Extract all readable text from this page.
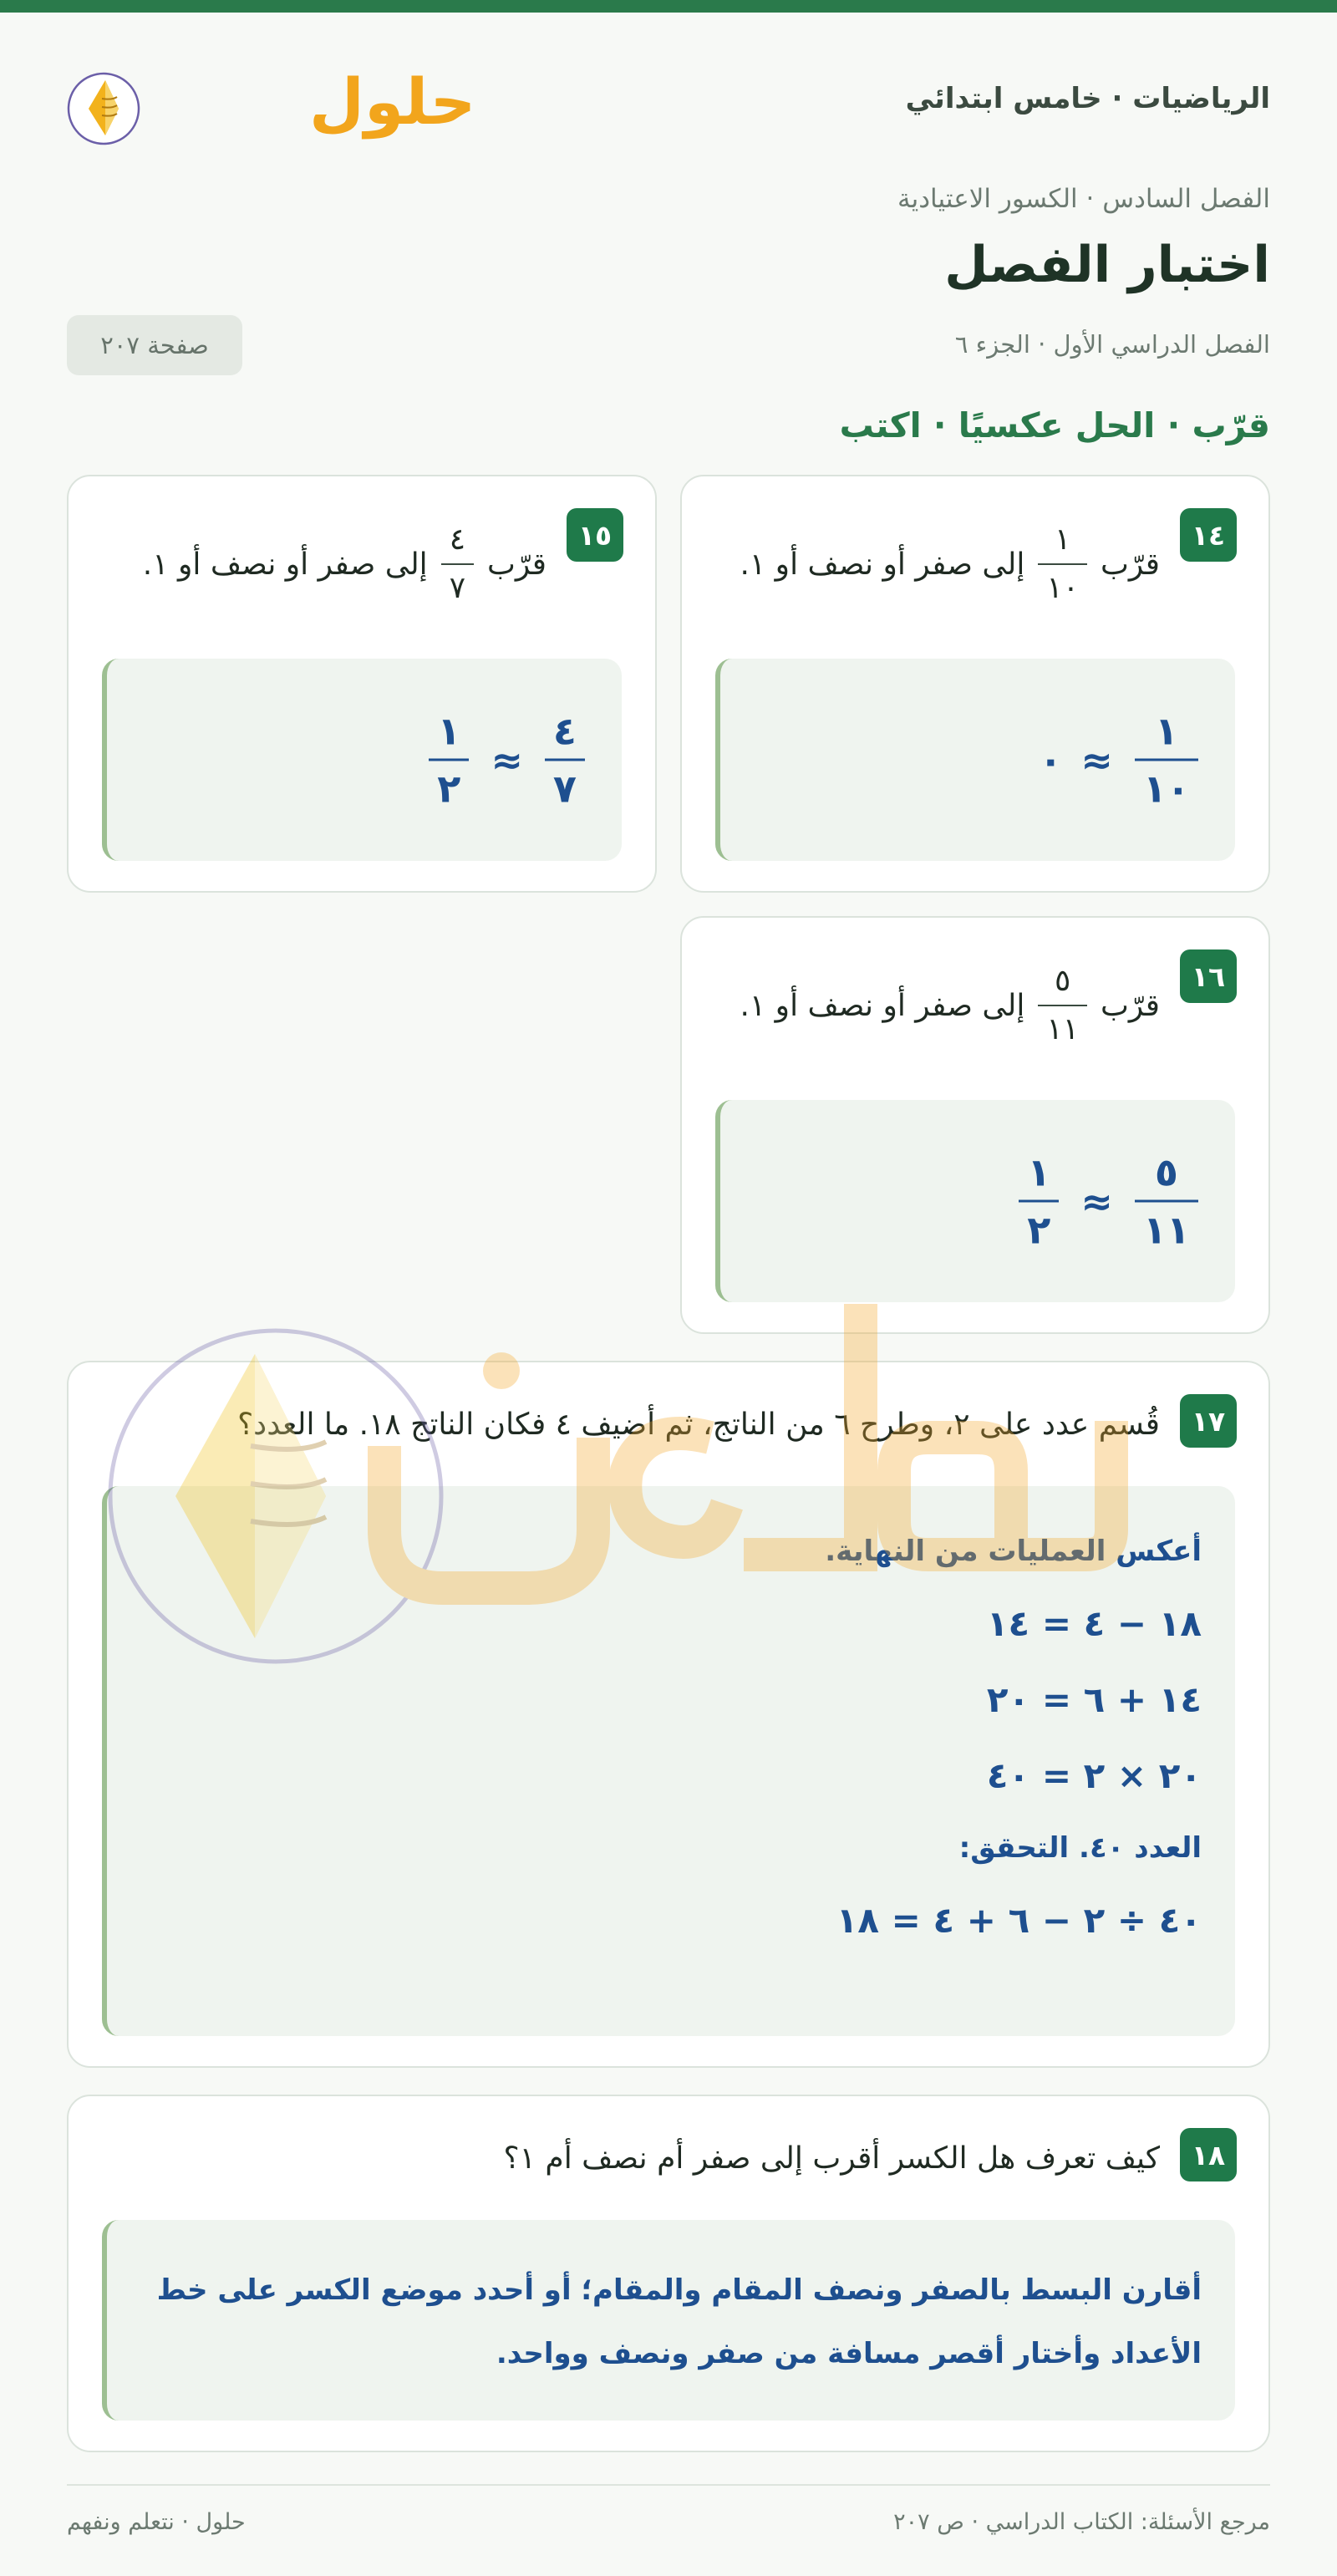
الرياضيات · خامس ابتدائي
حلول
الفصل السادس · الكسور الاعتيادية
اختبار الفصل
الفصل الدراسي الأول · الجزء ٦
صفحة ٢٠٧
قرّب · الحل عكسيًا · اكتب
١٤
قرّب
$\frac{١}{١٠}$
إلى صفر أو نصف أو ١.
$\frac{١}{١٠}$
≈
٠
١٥
قرّب
$\frac{٤}{٧}$
إلى صفر أو نصف أو ١.
$\frac{٤}{٧}$
≈
$\frac{١}{٢}$
١٦
قرّب
$\frac{٥}{١١}$
إلى صفر أو نصف أو ١.
$\frac{٥}{١١}$
≈
$\frac{١}{٢}$
١٧
قُسم عدد على ٢، وطرح ٦ من الناتج، ثم أضيف ٤ فكان الناتج ١٨. ما العدد؟
أعكس العمليات من النهاية.
١٨ − ٤ = ١٤
١٤ + ٦ = ٢٠
٢٠ × ٢ = ٤٠
العدد ٤٠. التحقق:
٤٠ ÷ ٢ − ٦ + ٤ = ١٨
١٨
كيف تعرف هل الكسر أقرب إلى صفر أم نصف أم ١؟
أقارن البسط بالصفر ونصف المقام والمقام؛ أو أحدد موضع الكسر على خط الأعداد وأختار أقصر مسافة من صفر ونصف وواحد.
مرجع الأسئلة: الكتاب الدراسي · ص ٢٠٧
حلول · نتعلم ونفهم
